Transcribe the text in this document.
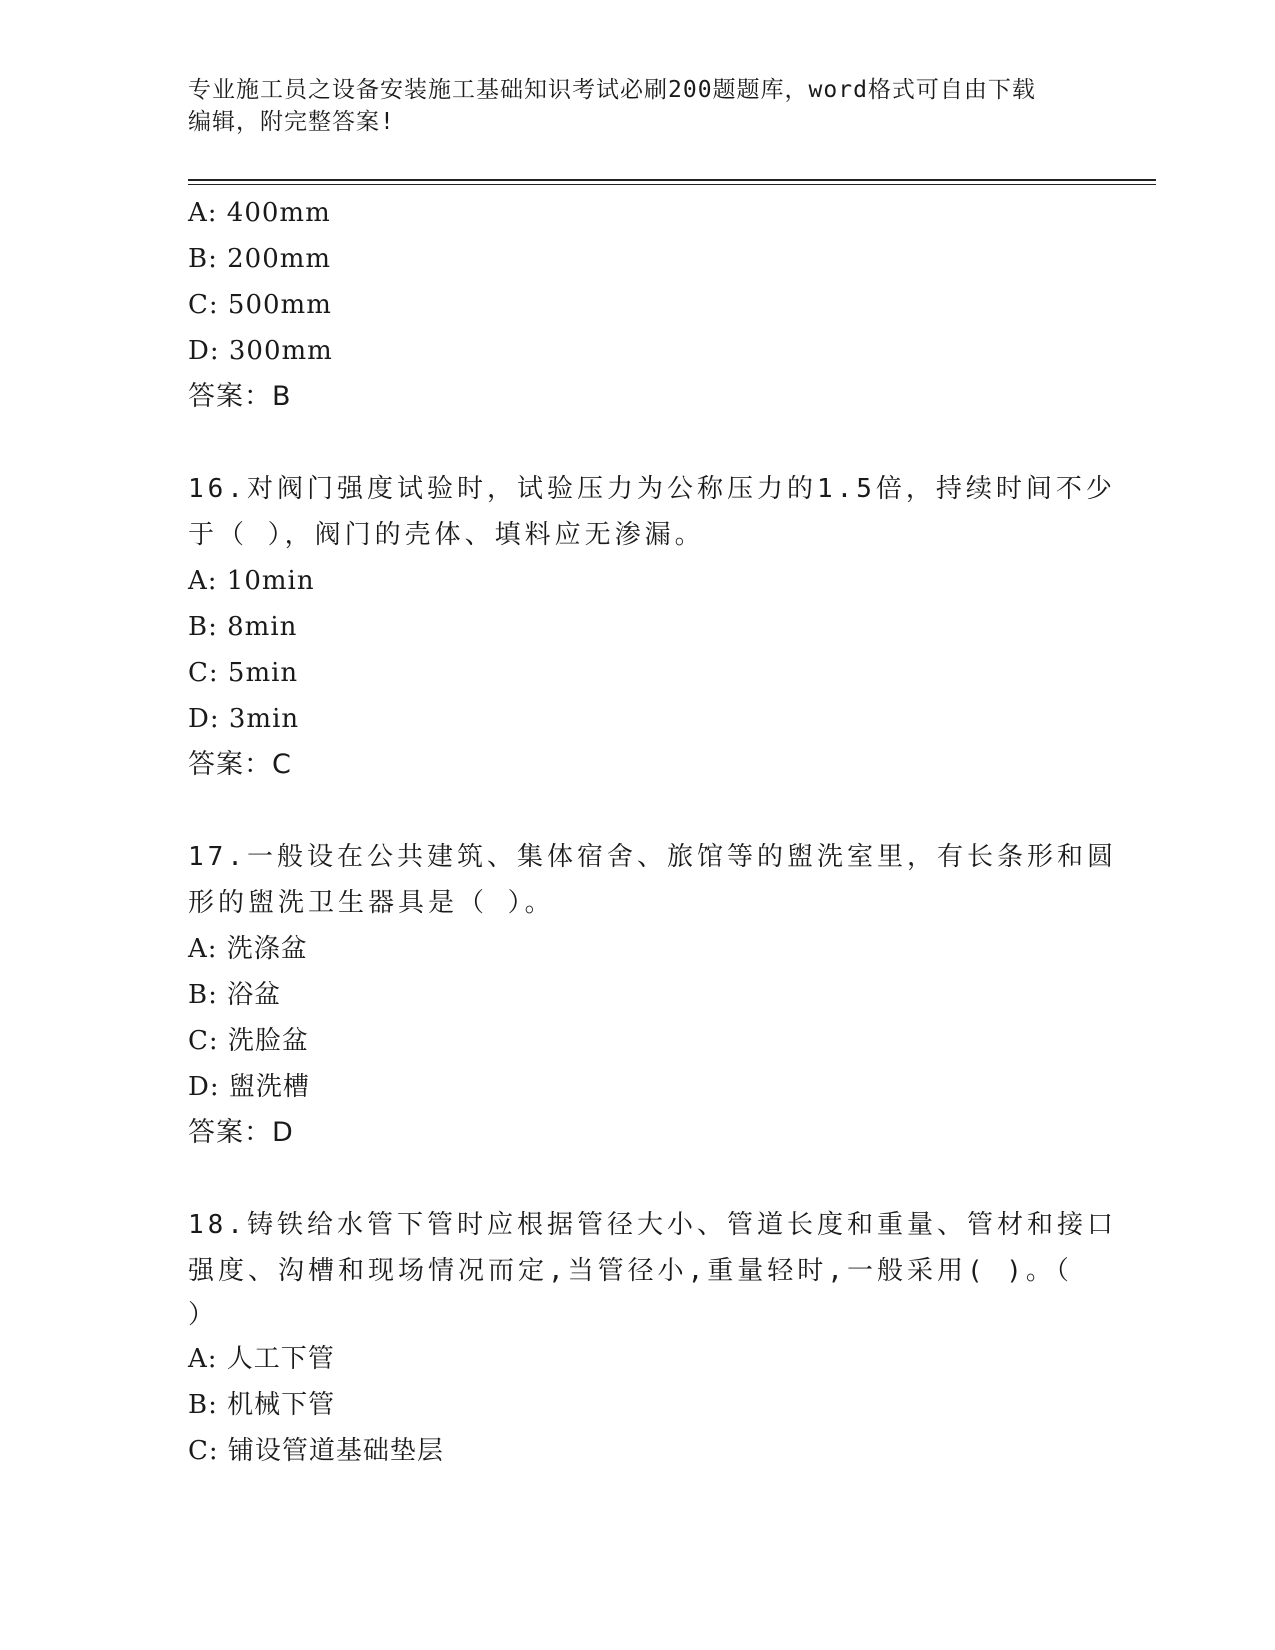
专业施工员之设备安装施工基础知识考试必刷200题题库，word格式可自由下载
编辑，附完整答案!
A: 400mm
B: 200mm
C: 500mm
D: 300mm
答案：B
16.对阀门强度试验时，试验压力为公称压力的1.5倍，持续时间不少
于（ ），阀门的壳体、填料应无渗漏。
A: 10min
B: 8min
C: 5min
D: 3min
答案：C
17.一般设在公共建筑、集体宿舍、旅馆等的盥洗室里，有长条形和圆
形的盥洗卫生器具是（ ）。
A: 洗涤盆
B: 浴盆
C: 洗脸盆
D: 盥洗槽
答案：D
18.铸铁给水管下管时应根据管径大小、管道长度和重量、管材和接口
强度、沟槽和现场情况而定,当管径小,重量轻时,一般采用( )。（
）
A: 人工下管
B: 机械下管
C: 铺设管道基础垫层
